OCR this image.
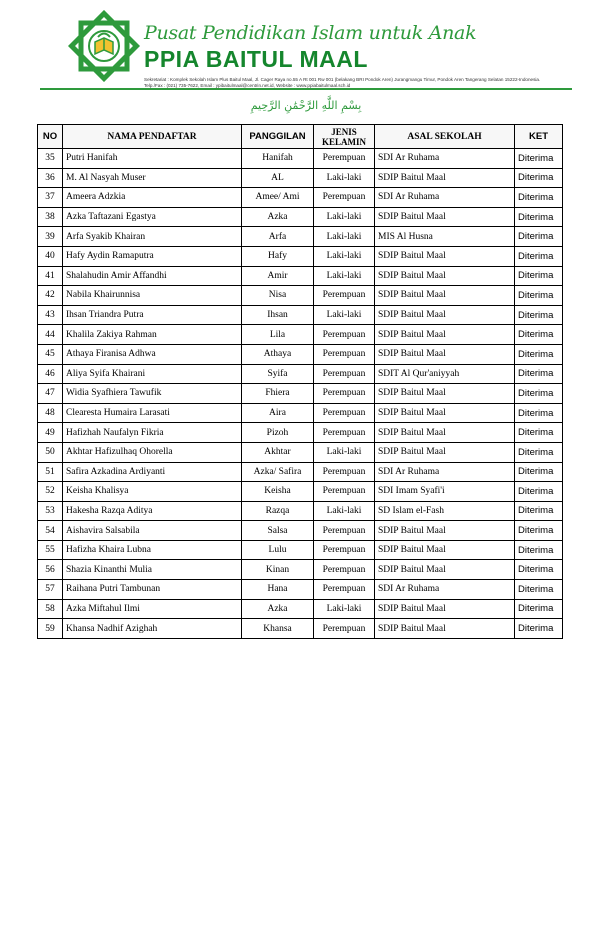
Pusat Pendidikan Islam untuk Anak
PPIA BAITUL MAAL
Sekretariat : Komplek Sekolah Islam Plus Baitul Maal, Jl. Cager Raya no.55 A Rt 001 Rw 001 (belakang BRI Pondok Aren) Jurangmangu Timur, Pondok Aren Tangerang Selatan 15222-Indonesia. Telp./Fax : (021) 735-7622, Email : ypibaitulmaal@centrin.net.id, Website : www.ppiabaitulmaal.sch.id
بِسْمِ اللَّهِ الرَّحْمَٰنِ الرَّحِيمِ
NO	NAMA PENDAFTAR	PANGGILAN	JENIS KELAMIN	ASAL SEKOLAH	KET
35	Putri Hanifah	Hanifah	Perempuan	SDI Ar Ruhama	Diterima
36	M. Al Nasyah Muser	AL	Laki-laki	SDIP Baitul Maal	Diterima
37	Ameera Adzkia	Amee/ Ami	Perempuan	SDI Ar Ruhama	Diterima
38	Azka Taftazani Egastya	Azka	Laki-laki	SDIP Baitul Maal	Diterima
39	Arfa Syakib Khairan	Arfa	Laki-laki	MIS Al Husna	Diterima
40	Hafy Aydin Ramaputra	Hafy	Laki-laki	SDIP Baitul Maal	Diterima
41	Shalahudin Amir Affandhi	Amir	Laki-laki	SDIP Baitul Maal	Diterima
42	Nabila Khairunnisa	Nisa	Perempuan	SDIP Baitul Maal	Diterima
43	Ihsan Triandra Putra	Ihsan	Laki-laki	SDIP Baitul Maal	Diterima
44	Khalila Zakiya Rahman	Lila	Perempuan	SDIP Baitul Maal	Diterima
45	Athaya Firanisa Adhwa	Athaya	Perempuan	SDIP Baitul Maal	Diterima
46	Aliya Syifa Khairani	Syifa	Perempuan	SDIT Al Qur'aniyyah	Diterima
47	Widia Syafhiera Tawufik	Fhiera	Perempuan	SDIP Baitul Maal	Diterima
48	Clearesta Humaira Larasati	Aira	Perempuan	SDIP Baitul Maal	Diterima
49	Hafizhah Naufalyn Fikria	Pizoh	Perempuan	SDIP Baitul Maal	Diterima
50	Akhtar Hafizulhaq Ohorella	Akhtar	Laki-laki	SDIP Baitul Maal	Diterima
51	Safira Azkadina Ardiyanti	Azka/ Safira	Perempuan	SDI Ar Ruhama	Diterima
52	Keisha Khalisya	Keisha	Perempuan	SDI Imam Syafi'i	Diterima
53	Hakesha Razqa Aditya	Razqa	Laki-laki	SD Islam el-Fash	Diterima
54	Aishavira Salsabila	Salsa	Perempuan	SDIP Baitul Maal	Diterima
55	Hafizha Khaira Lubna	Lulu	Perempuan	SDIP Baitul Maal	Diterima
56	Shazia Kinanthi Mulia	Kinan	Perempuan	SDIP Baitul Maal	Diterima
57	Raihana Putri Tambunan	Hana	Perempuan	SDI Ar Ruhama	Diterima
58	Azka Miftahul Ilmi	Azka	Laki-laki	SDIP Baitul Maal	Diterima
59	Khansa Nadhif Azighah	Khansa	Perempuan	SDIP Baitul Maal	Diterima
